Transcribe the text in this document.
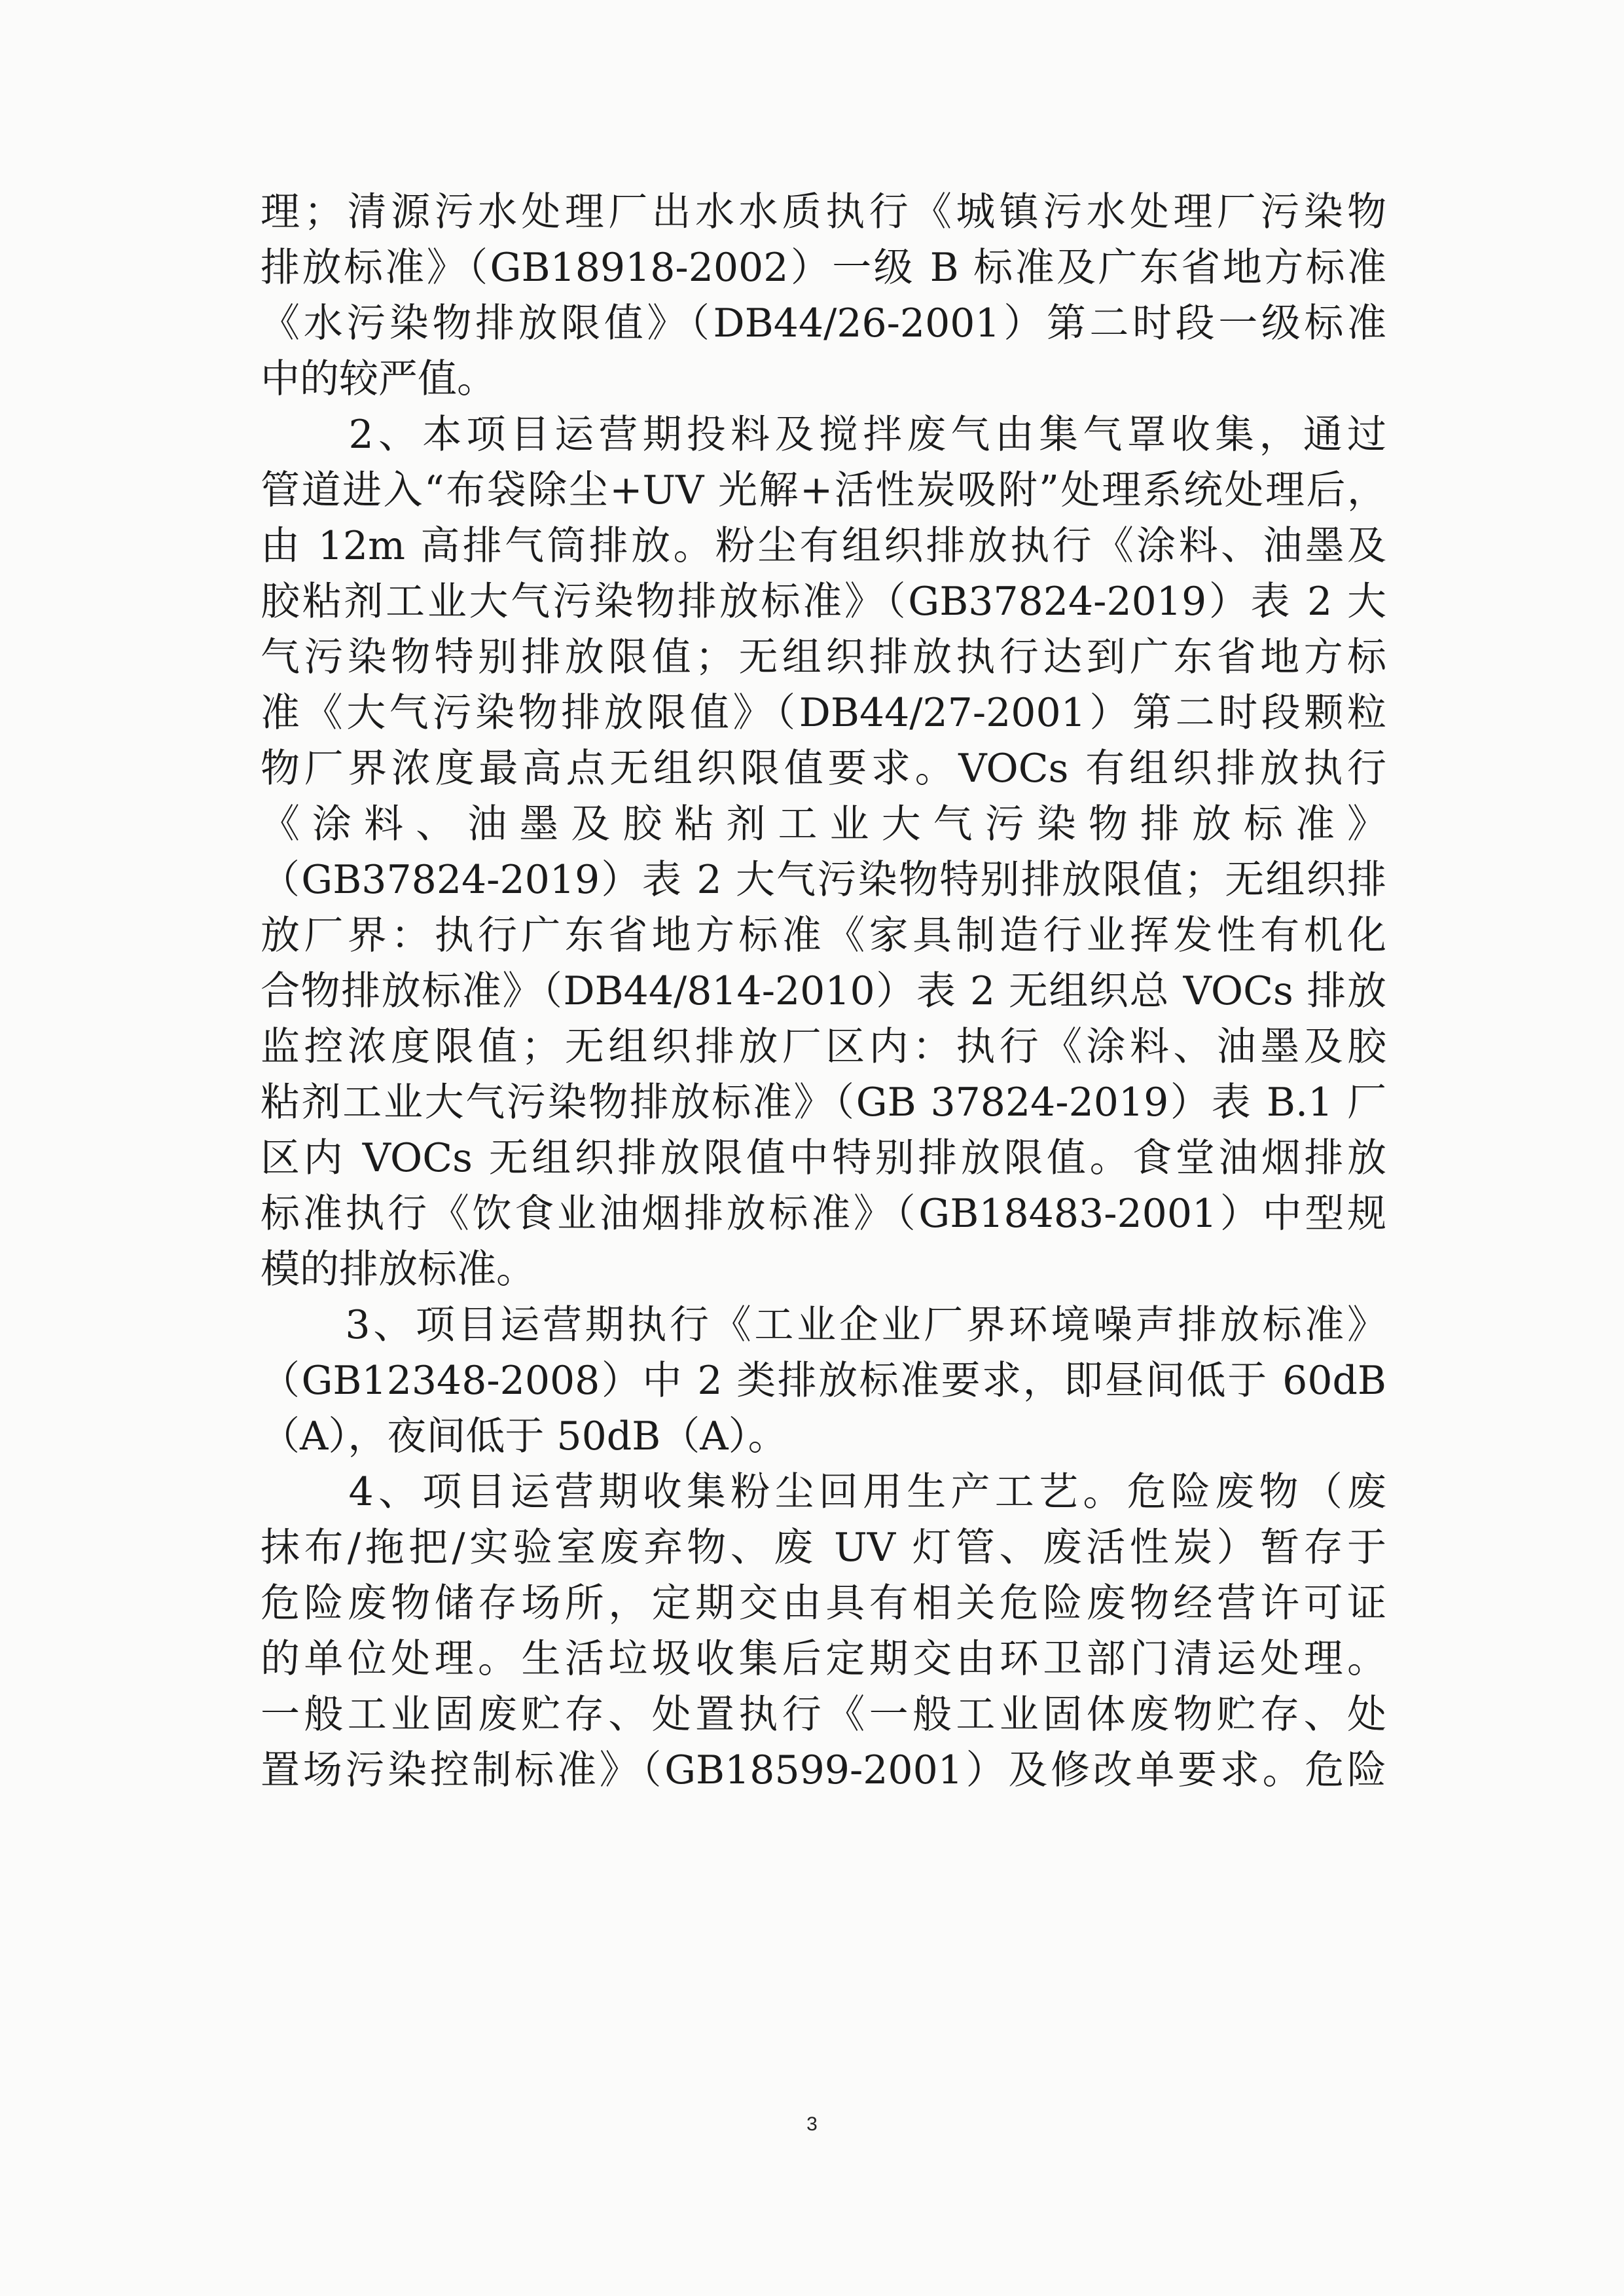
理；清源污水处理厂出水水质执行《城镇污水处理厂污染物
排放标准》（GB18918-2002）一级 B 标准及广东省地方标准
《水污染物排放限值》（DB44/26-2001）第二时段一级标准
中的较严值。
　　2、本项目运营期投料及搅拌废气由集气罩收集，通过
管道进入“布袋除尘+UV 光解+活性炭吸附”处理系统处理后，
由 12m 高排气筒排放。粉尘有组织排放执行《涂料、油墨及
胶粘剂工业大气污染物排放标准》（GB37824-2019）表 2 大
气污染物特别排放限值；无组织排放执行达到广东省地方标
准《大气污染物排放限值》（DB44/27-2001）第二时段颗粒
物厂界浓度最高点无组织限值要求。VOCs 有组织排放执行
《涂料、油墨及胶粘剂工业大气污染物排放标准》
（GB37824-2019）表 2 大气污染物特别排放限值；无组织排
放厂界：执行广东省地方标准《家具制造行业挥发性有机化
合物排放标准》（DB44/814-2010）表 2 无组织总 VOCs 排放
监控浓度限值；无组织排放厂区内：执行《涂料、油墨及胶
粘剂工业大气污染物排放标准》（GB 37824-2019）表 B.1 厂
区内 VOCs 无组织排放限值中特别排放限值。食堂油烟排放
标准执行《饮食业油烟排放标准》（GB18483-2001）中型规
模的排放标准。
　　3、项目运营期执行《工业企业厂界环境噪声排放标准》
（GB12348-2008）中 2 类排放标准要求，即昼间低于 60dB
（A），夜间低于 50dB（A）。
　　4、项目运营期收集粉尘回用生产工艺。危险废物（废
抹布/拖把/实验室废弃物、废 UV 灯管、废活性炭）暂存于
危险废物储存场所，定期交由具有相关危险废物经营许可证
的单位处理。生活垃圾收集后定期交由环卫部门清运处理。
一般工业固废贮存、处置执行《一般工业固体废物贮存、处
置场污染控制标准》（GB18599-2001）及修改单要求。危险
3
